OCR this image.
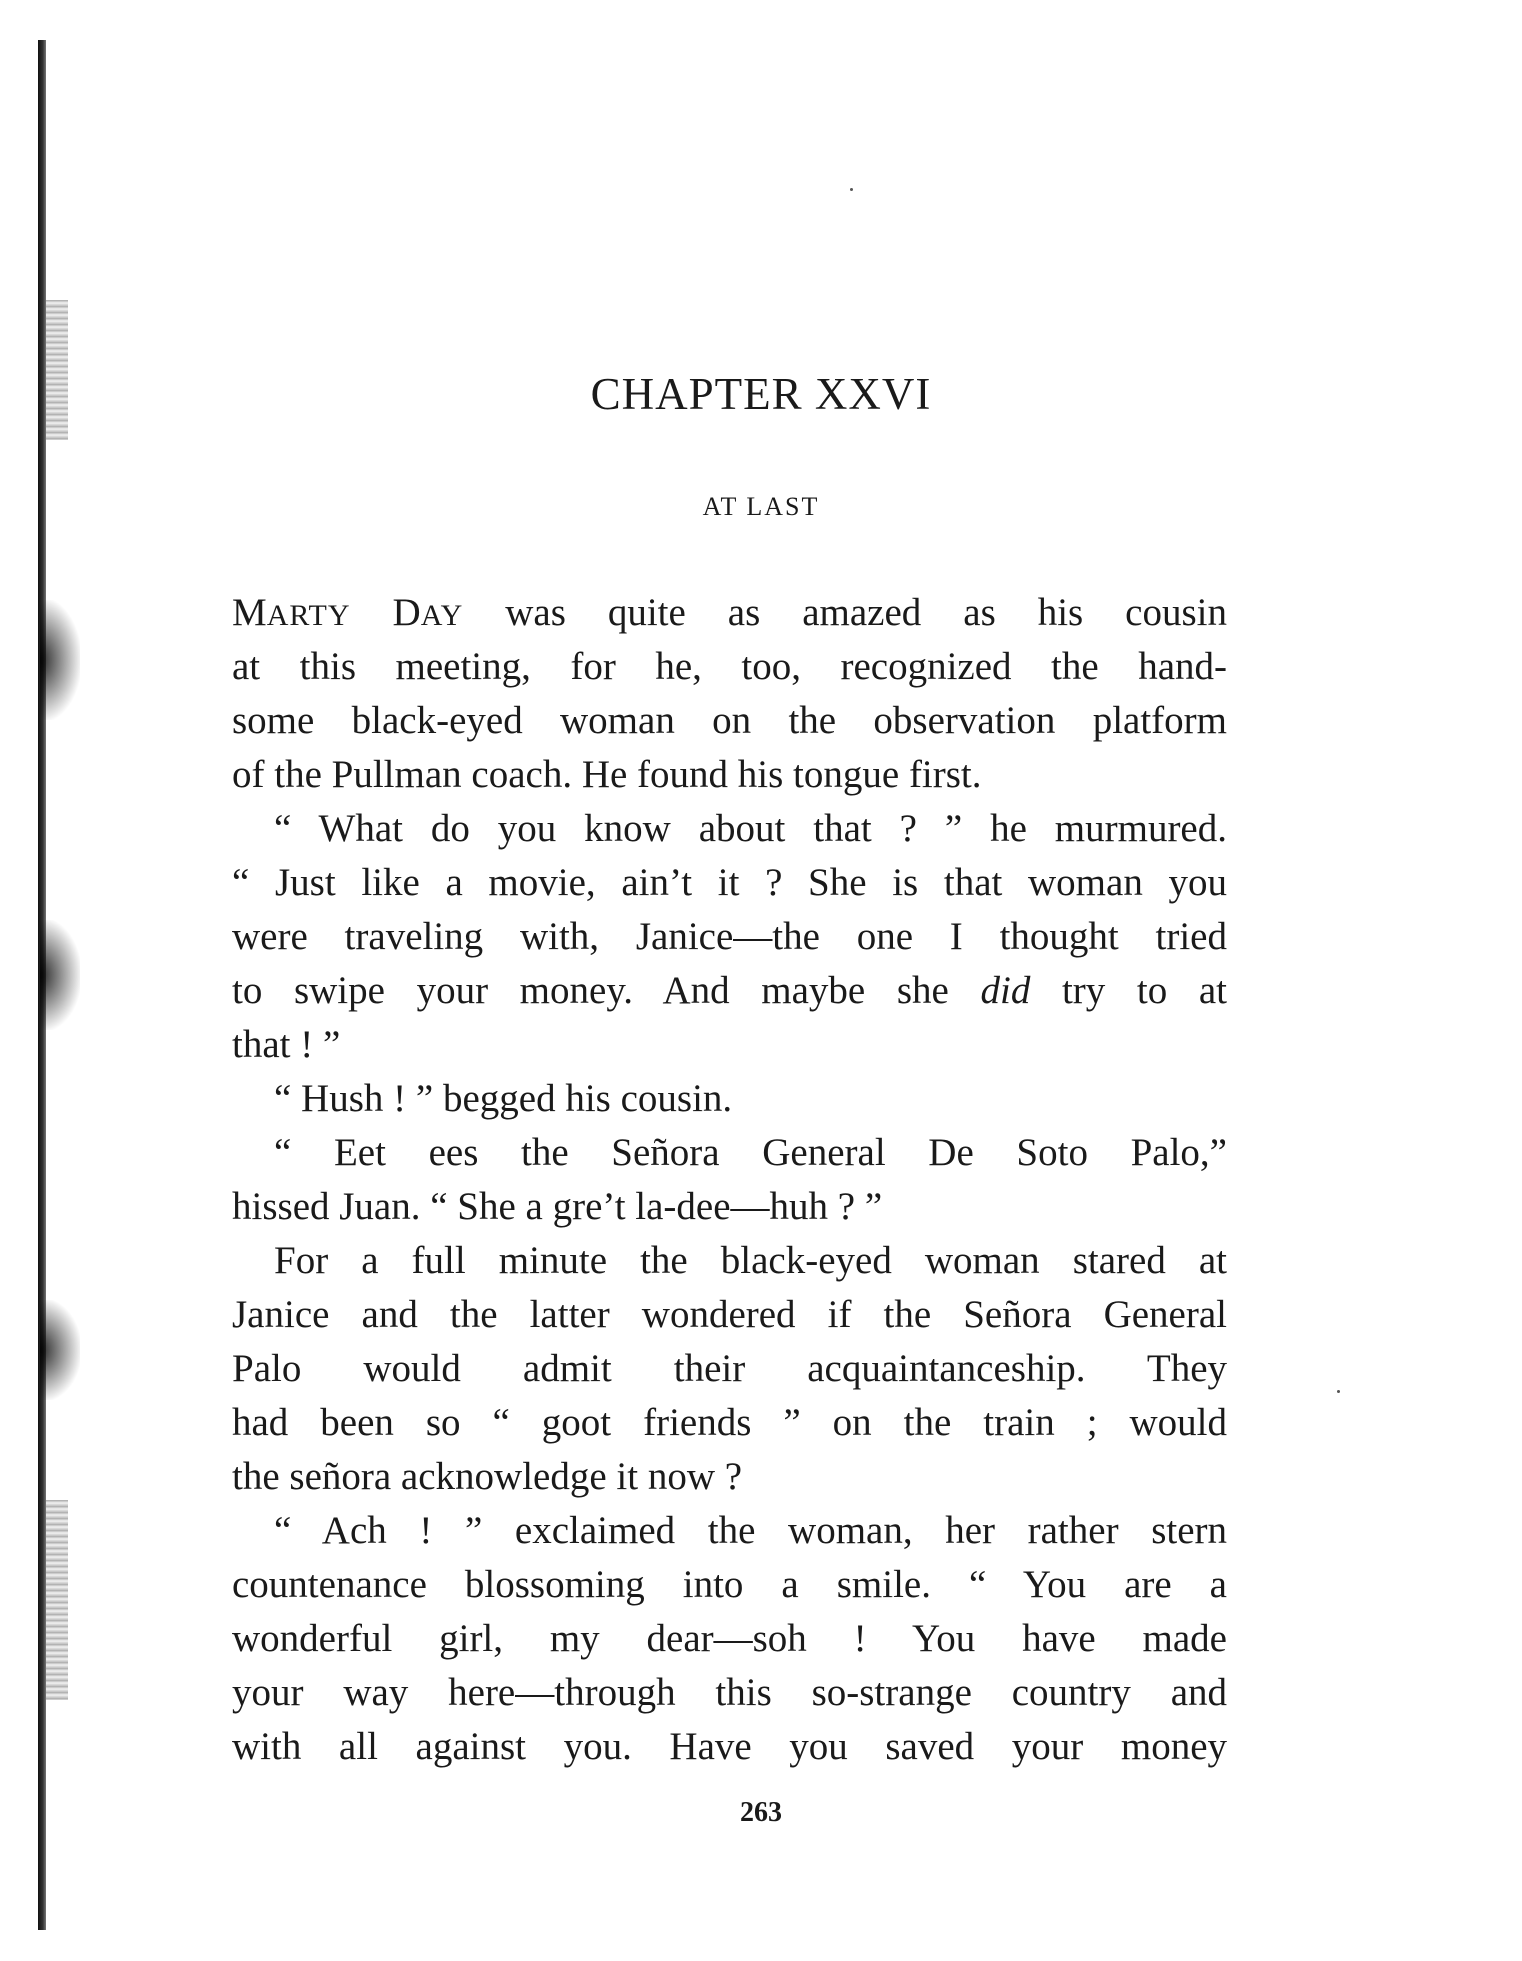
CHAPTER XXVI
AT LAST
MARTY DAY was quite as amazed as his cousin
at this meeting, for he, too, recognized the hand-
some black-eyed woman on the observation platform
of the Pullman coach. He found his tongue first.
“ What do you know about that ? ” he murmured.
“ Just like a movie, ain’t it ? She is that woman you
were traveling with, Janice—the one I thought tried
to swipe your money. And maybe she did try to at
that ! ”
“ Hush ! ” begged his cousin.
“ Eet ees the Señora General De Soto Palo,”
hissed Juan. “ She a gre’t la-dee—huh ? ”
For a full minute the black-eyed woman stared at
Janice and the latter wondered if the Señora General
Palo would admit their acquaintanceship. They
had been so “ goot friends ” on the train ; would
the señora acknowledge it now ?
“ Ach ! ” exclaimed the woman, her rather stern
countenance blossoming into a smile. “ You are a
wonderful girl, my dear—soh ! You have made
your way here—through this so-strange country and
with all against you. Have you saved your money
263
